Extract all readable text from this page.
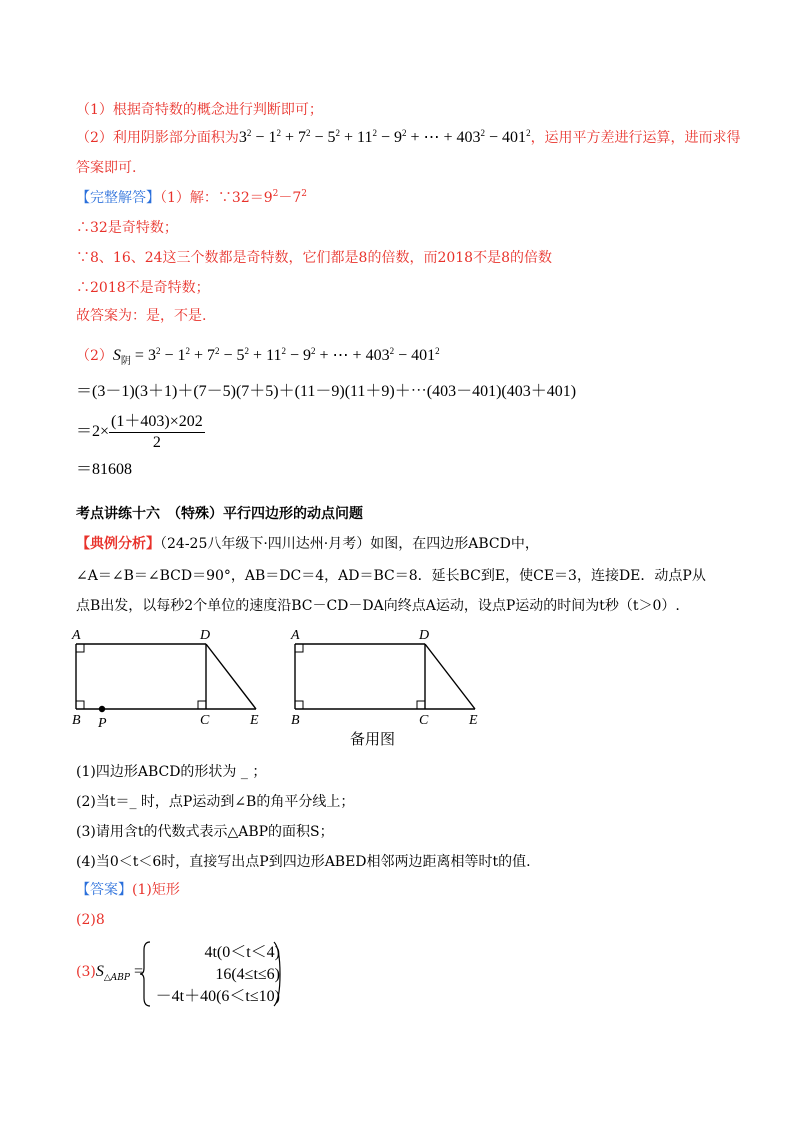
（1）根据奇特数的概念进行判断即可；
（2）利用阴影部分面积为$3^2 - 1^2 + 7^2 - 5^2 + 11^2 - 9^2$ + ⋯ + $403^2 - 401^2$，运用平方差进行运算，进而求得
答案即可.
【完整解答】（1）解：$\because 32=9^2-7^2$
∴32是奇特数；
∵8、16、24这三个数都是奇特数，它们都是8的倍数，而2018不是8的倍数
∴2018不是奇特数；
故答案为：是，不是.
$(2)S_阴 = 3^2 - 1^2 + 7^2 - 5^2 + 11^2 - 9^2$ + ⋯ + $403^2 - 401^2$
＝(3－1)(3＋1)＋(7－5)(7＋5)＋(11－9)(11＋9)＋⋯(403－401)(403＋401)
$=2\times \frac{(1+403)\times 202}{2}$
＝81608
考点讲练十六　（特殊）平行四边形的动点问题
【典例分析】（24-25八年级下·四川达州·月考）如图，在四边形ABCD中，
∠A＝∠B＝∠BCD＝90°，AB＝DC＝4，AD＝BC＝8．延长BC到E，使CE＝3，连接DE．动点P从
点B出发，以每秒2个单位的速度沿BC－CD－DA向终点A运动，设点P运动的时间为t秒（t＞0）.
A	D
B P	C	E
A	D
B	C	E
备用图
(1)四边形ABCD的形状为 _ ；
(2)当t＝_ 时，点P运动到∠B的角平分线上；
(3)请用含t的代数式表示△ABP的面积S；
(4)当0＜t＜6时，直接写出点P到四边形ABED相邻两边距离相等时t的值.
【答案】(1)矩形
(2)8
$(3)S_{\triangle ABP}$ =
4t(0＜t＜4)
16(4≤t≤6)
－4t＋40(6＜t≤10)
